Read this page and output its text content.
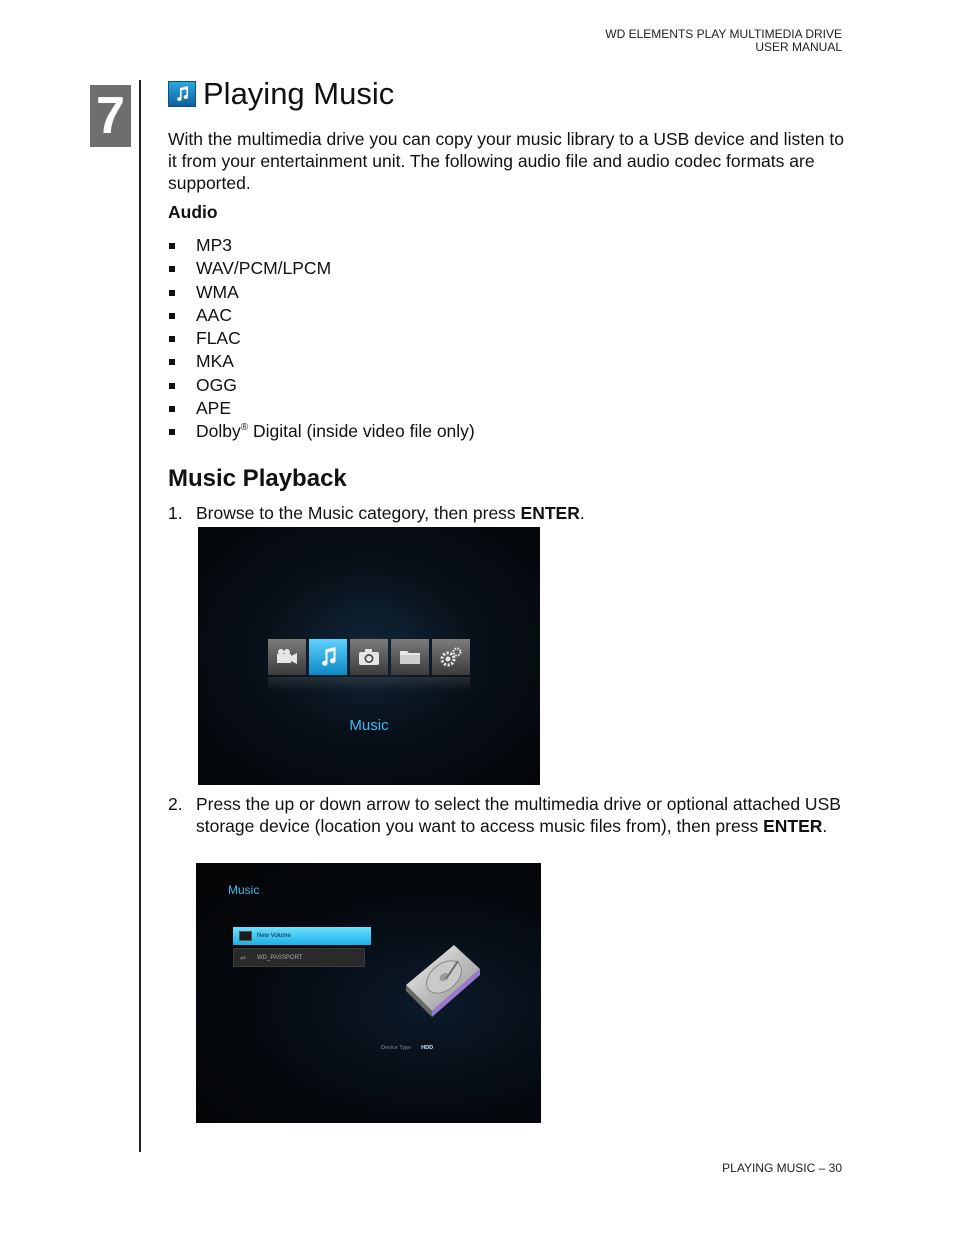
WD ELEMENTS PLAY MULTIMEDIA DRIVE
USER MANUAL
7	Playing Music
With the multimedia drive you can copy your music library to a USB device and listen to it from your entertainment unit. The following audio file and audio codec formats are supported.
Audio
MP3
WAV/PCM/LPCM
WMA
AAC
FLAC
MKA
OGG
APE
Dolby® Digital (inside video file only)
Music Playback
1. Browse to the Music category, then press ENTER.
Music
2. Press the up or down arrow to select the multimedia drive or optional attached USB storage device (location you want to access music files from), then press ENTER.
Music
New Volume
⇌	WD_PASSPORT
Device Type HDD
PLAYING MUSIC – 30
